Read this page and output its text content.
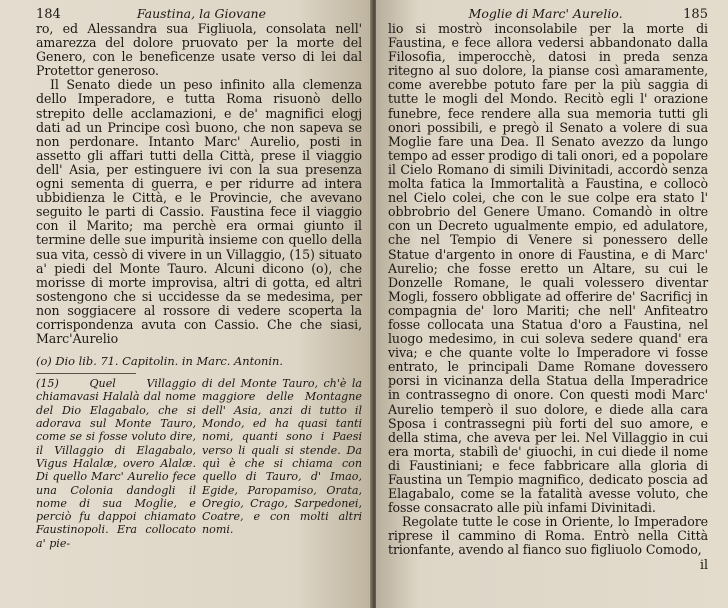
184	Faustina, la Giovane

ro, ed Alessandra sua Figliuola, consolata nell' amarezza del dolore pruovato per la morte del Genero, con le beneficenze usate verso di lei dal Protettor generoso.

Il Senato diede un peso infinito alla clemenza dello Imperadore, e tutta Roma risuonò dello strepito delle acclamazioni, e de' magnifici elogj dati ad un Principe così buono, che non sapeva se non perdonare. Intanto Marc' Aurelio, posti in assetto gli affari tutti della Città, prese il viaggio dell' Asia, per estinguere ivi con la sua presenza ogni sementa di guerra, e per ridurre ad intera ubbidienza le Città, e le Provincie, che avevano seguito le parti di Cassio. Faustina fece il viaggio con il Marito; ma perchè era ormai giunto il termine delle sue impurità insieme con quello della sua vita, cessò di vivere in un Villaggio, (15) situato a' piedi del Monte Tauro. Alcuni dicono (o), che morisse di morte improvisa, altri di gotta, ed altri sostengono che si uccidesse da se medesima, per non soggiacere al rossore di vedere scoperta la corrispondenza avuta con Cassio. Che che siasi, Marc'Aurelio

(o) Dio lib. 71. Capitolin. in Marc. Antonin.

(15) Quel Villaggio chiamavasi Halalà dal nome del Dio Elagabalo, che si adorava sul Monte Tauro, come se si fosse voluto dire, il Villaggio di Elagabalo, Vigus Halalæ, overo Alalæ. Di quello Marc' Aurelio fece una Colonia dandogli il nome di sua Moglie, e perciò fu dappoi chiamato Faustinopoli. Era collocato a' pie-

di del Monte Tauro, ch'è la maggiore delle Montagne dell' Asia, anzi di tutto il Mondo, ed ha quasi tanti nomi, quanti sono i Paesi verso li quali si stende. Da quì è che si chiama con quello di Tauro, d' Imao, Egide, Paropamiso, Orata, Oregio, Crago, Sarpedonei, Coatre, e con molti altri nomi.

Moglie di Marc' Aurelio.	185

lio si mostrò inconsolabile per la morte di Faustina, e fece allora vedersi abbandonato dalla Filosofia, imperocchè, datosi in preda senza ritegno al suo dolore, la pianse così amaramente, come averebbe potuto fare per la più saggia di tutte le mogli del Mondo. Recitò egli l' orazione funebre, fece rendere alla sua memoria tutti gli onori possibili, e pregò il Senato a volere di sua Moglie fare una Dea. Il Senato avezzo da lungo tempo ad esser prodigo di tali onori, ed a popolare il Cielo Romano di simili Divinitadi, accordò senza molta fatica la Immortalità a Faustina, e collocò nel Cielo colei, che con le sue colpe era stato l' obbrobrio del Genere Umano. Comandò in oltre con un Decreto ugualmente empio, ed adulatore, che nel Tempio di Venere si ponessero delle Statue d'argento in onore di Faustina, e di Marc' Aurelio; che fosse eretto un Altare, su cui le Donzelle Romane, le quali volessero diventar Mogli, fossero obbligate ad offerire de' Sacrificj in compagnia de' loro Mariti; che nell' Anfiteatro fosse collocata una Statua d'oro a Faustina, nel luogo medesimo, in cui soleva sedere quand' era viva; e che quante volte lo Imperadore vi fosse entrato, le principali Dame Romane dovessero porsi in vicinanza della Statua della Imperadrice in contrassegno di onore. Con questi modi Marc' Aurelio temperò il suo dolore, e diede alla cara Sposa i contrassegni più forti del suo amore, e della stima, che aveva per lei. Nel Villaggio in cui era morta, stabilì de' giuochi, in cui diede il nome di Faustiniani; e fece fabbricare alla gloria di Faustina un Tempio magnifico, dedicato poscia ad Elagabalo, come se la fatalità avesse voluto, che fosse consacrato alle più infami Divinitadi.

Regolate tutte le cose in Oriente, lo Imperadore riprese il cammino di Roma. Entrò nella Città trionfante, avendo al fianco suo figliuolo Comodo,

il
